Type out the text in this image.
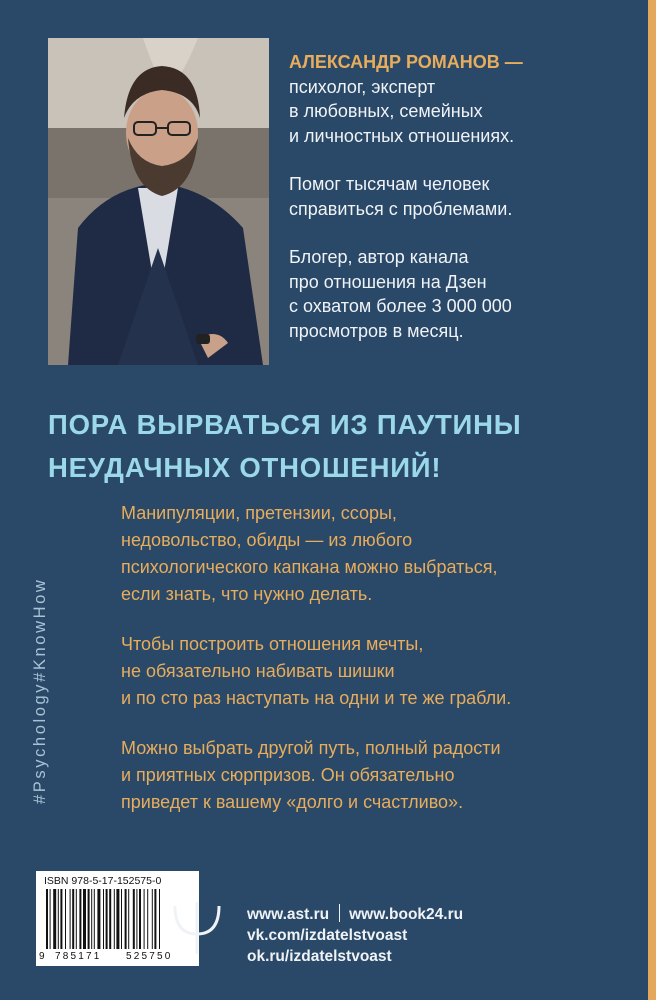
АЛЕКСАНДР РОМАНОВ —
психолог, эксперт
в любовных, семейных
и личностных отношениях.

Помог тысячам человек
справиться с проблемами.

Блогер, автор канала
про отношения на Дзен
с охватом более 3 000 000
просмотров в месяц.

ПОРА ВЫРВАТЬСЯ ИЗ ПАУТИНЫ
НЕУДАЧНЫХ ОТНОШЕНИЙ!
#Psychology#KnowHow

Манипуляции, претензии, ссоры,
недовольство, обиды — из любого
психологического капкана можно выбраться,
если знать, что нужно делать.

Чтобы построить отношения мечты,
не обязательно набивать шишки
и по сто раз наступать на одни и те же грабли.

Можно выбрать другой путь, полный радости
и приятных сюрпризов. Он обязательно
приведет к вашему «долго и счастливо».

ISBN 978-5-17-152575-0
9 785171 525750
www.ast.ru www.book24.ru
vk.com/izdatelstvoast
ok.ru/izdatelstvoast
